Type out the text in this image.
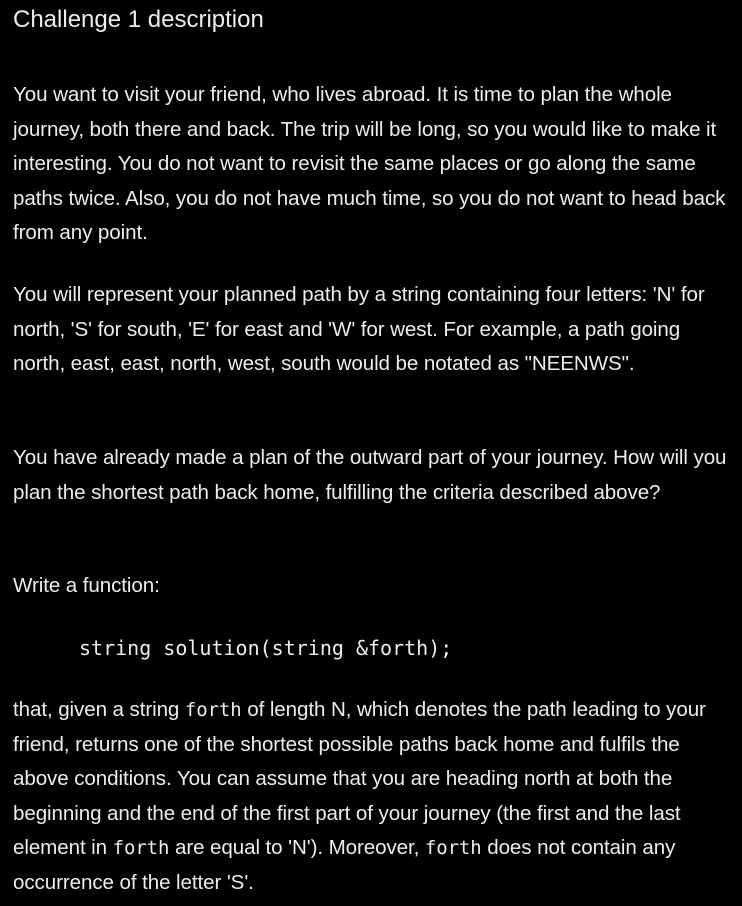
Challenge 1 description

You want to visit your friend, who lives abroad. It is time to plan the whole journey, both there and back. The trip will be long, so you would like to make it interesting. You do not want to revisit the same places or go along the same paths twice. Also, you do not have much time, so you do not want to head back from any point.

You will represent your planned path by a string containing four letters: 'N' for north, 'S' for south, 'E' for east and 'W' for west. For example, a path going north, east, east, north, west, south would be notated as "NEENWS".

You have already made a plan of the outward part of your journey. How will you plan the shortest path back home, fulfilling the criteria described above?

Write a function:

string solution(string &forth);

that, given a string forth of length N, which denotes the path leading to your friend, returns one of the shortest possible paths back home and fulfils the above conditions. You can assume that you are heading north at both the beginning and the end of the first part of your journey (the first and the last element in forth are equal to 'N'). Moreover, forth does not contain any occurrence of the letter 'S'.
